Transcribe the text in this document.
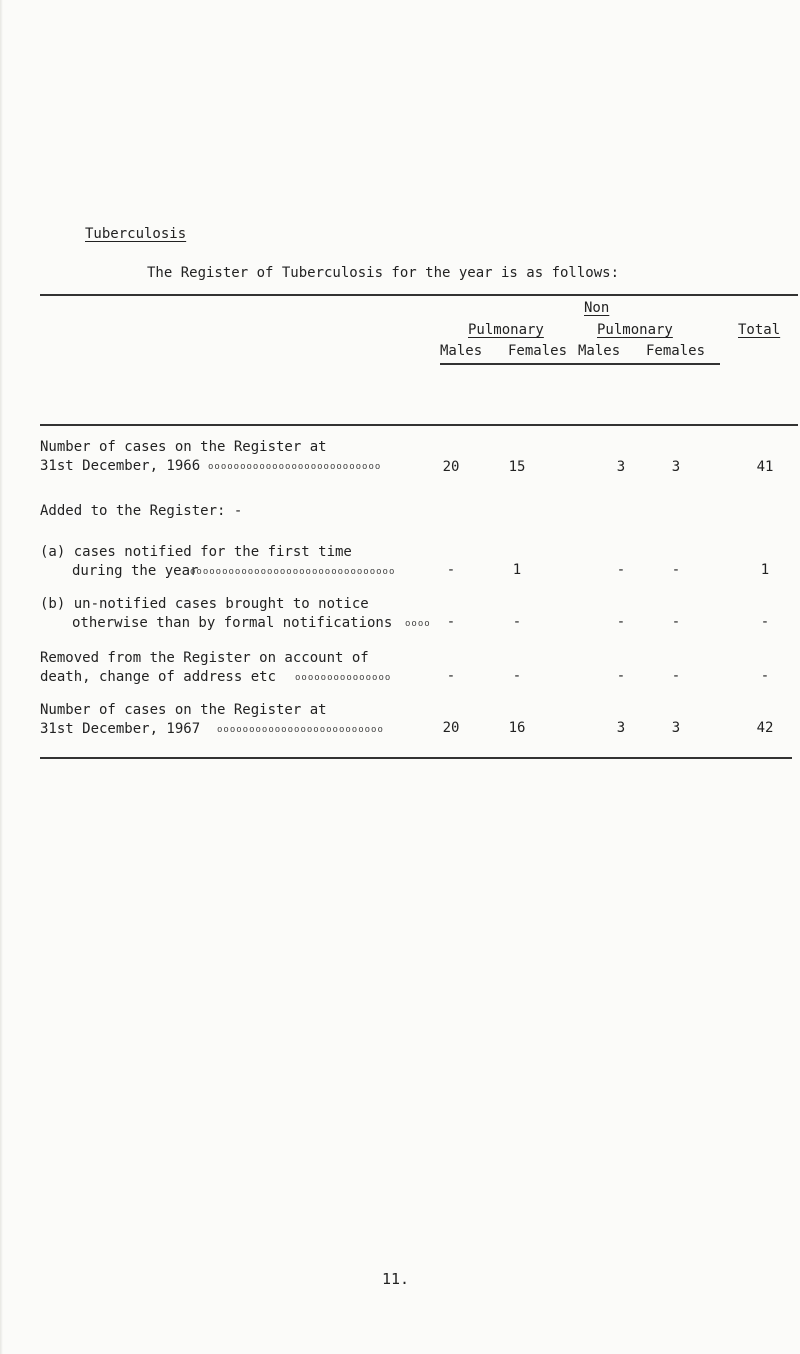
Tuberculosis
The Register of Tuberculosis for the year is as follows:
Non
Pulmonary	Pulmonary	Total
Males Females Males Females
Number of cases on the Register at
31st December, 1966 ooooooooooooooooooooooooooo	20	15	3	3	41
Added to the Register: -
(a) cases notified for the first time
during the year
oooooooooooooooooooooooooooooooo	-	1	-	-	1
(b) un-notified cases brought to notice
otherwise than by formal notifications oooo	-	-	-	-	-
Removed from the Register on account of
death, change of address etc ooooooooooooooo	-	-	-	-	-
Number of cases on the Register at
31st December, 1967 oooooooooooooooooooooooooo	20	16	3	3	42
11.
